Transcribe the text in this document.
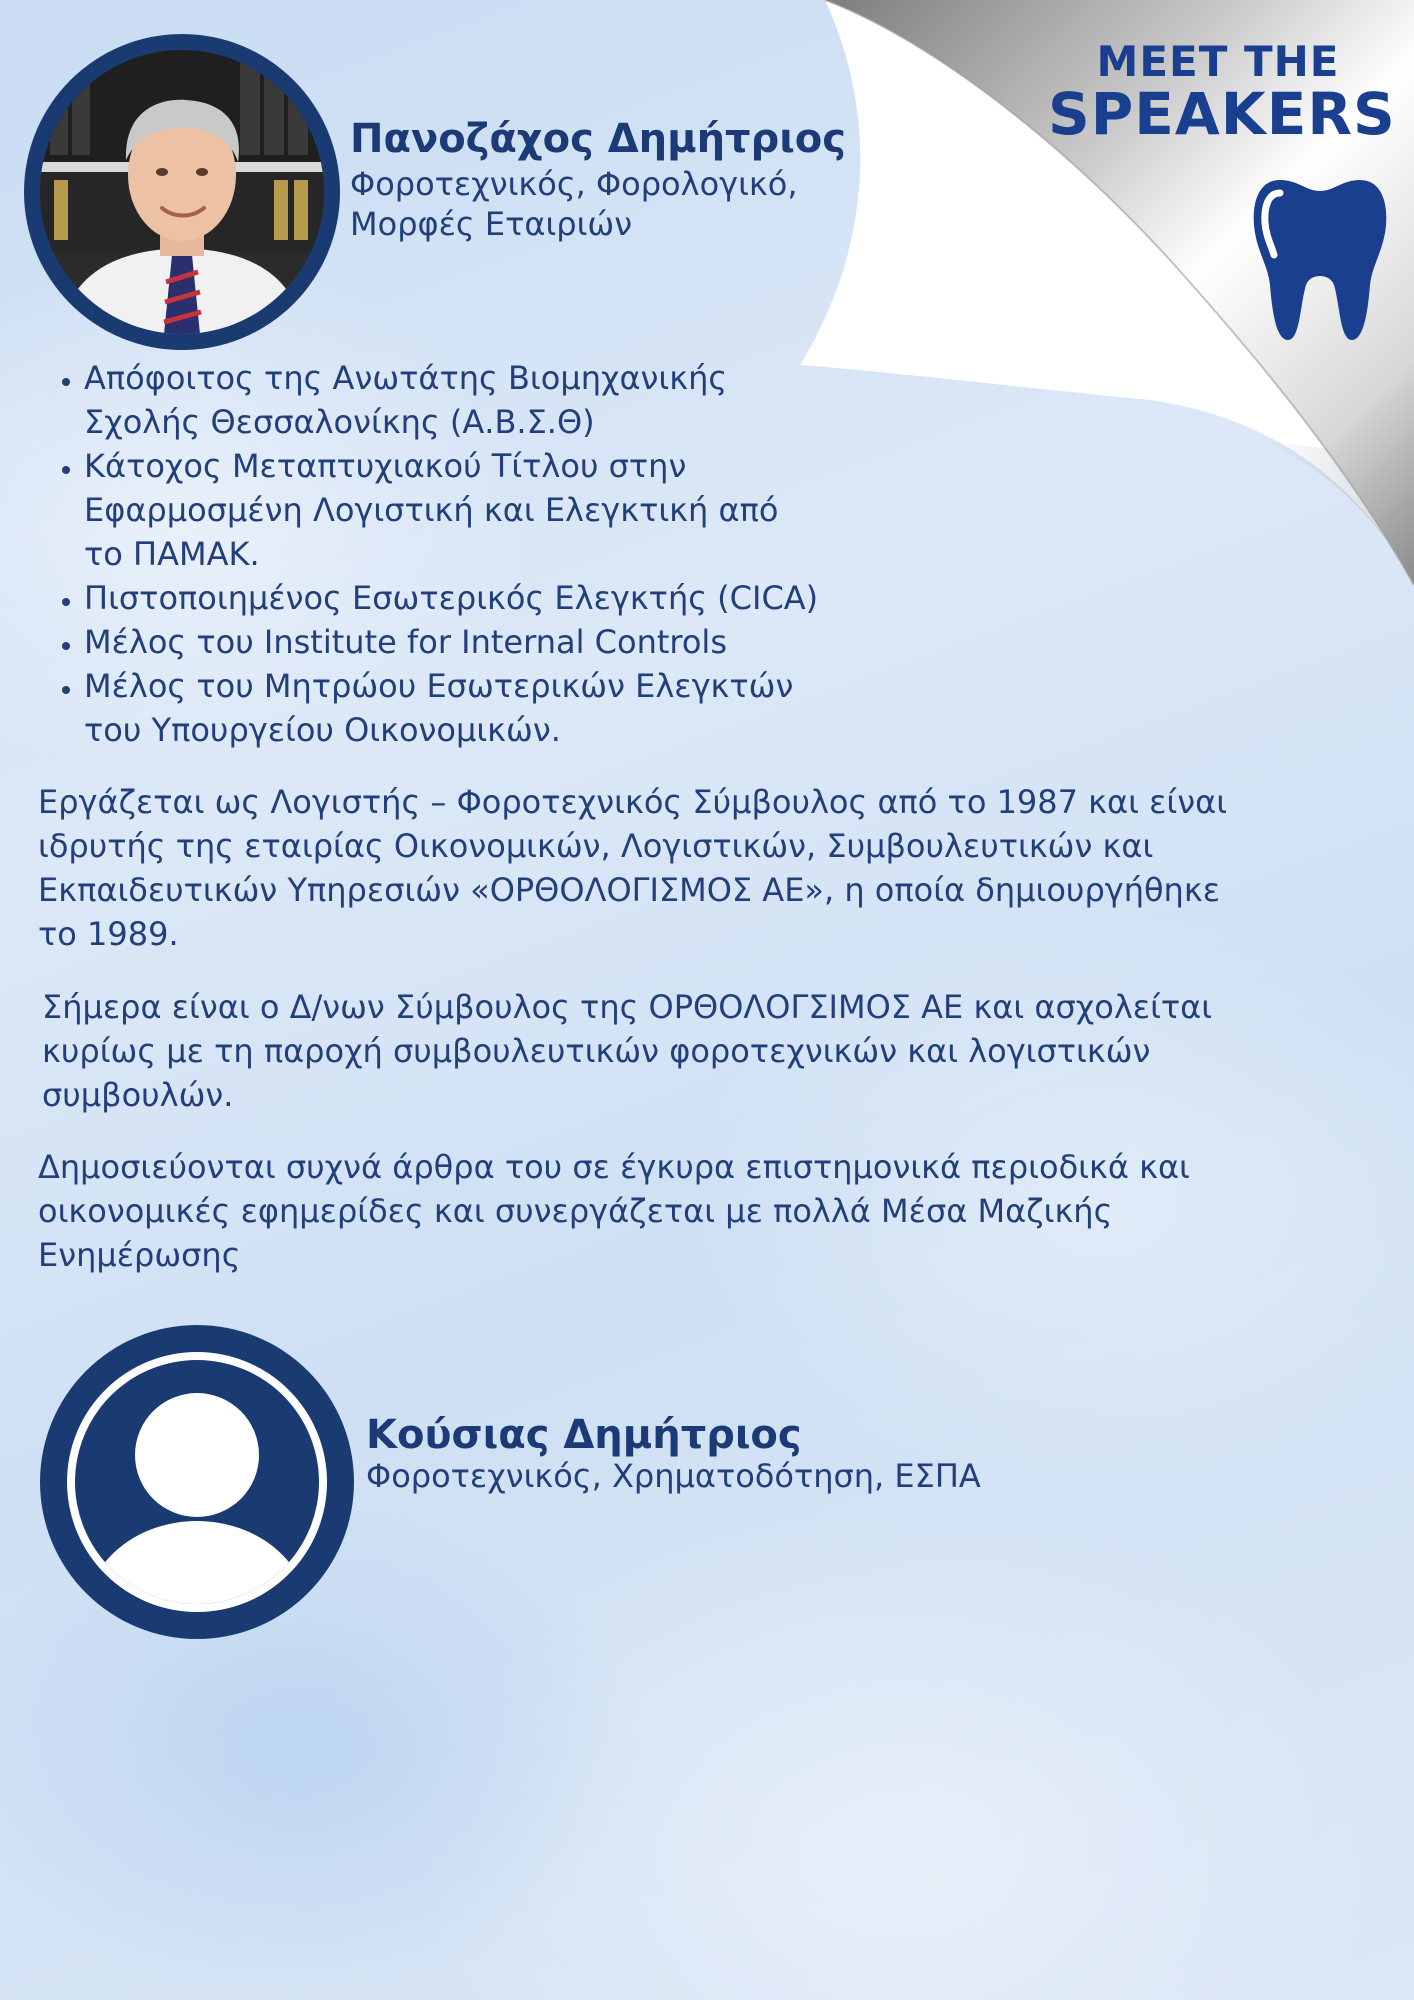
MEET THE
SPEAKERS
Πανοζάχος Δημήτριος
Φοροτεχνικός, Φορολογικό,
Μορφές Εταιριών
• Απόφοιτος της Ανωτάτης Βιομηχανικής
Σχολής Θεσσαλονίκης (Α.Β.Σ.Θ)
• Κάτοχος Μεταπτυχιακού Τίτλου στην
Εφαρμοσμένη Λογιστική και Ελεγκτική από
το ΠΑΜΑΚ.
• Πιστοποιημένος Εσωτερικός Ελεγκτής (CICA)
• Μέλος του Institute for Internal Controls
• Μέλος του Μητρώου Εσωτερικών Ελεγκτών
του Υπουργείου Οικονομικών.
Εργάζεται ως Λογιστής – Φοροτεχνικός Σύμβουλος από το 1987 και είναι
ιδρυτής της εταιρίας Οικονομικών, Λογιστικών, Συμβουλευτικών και
Εκπαιδευτικών Υπηρεσιών «ΟΡΘΟΛΟΓΙΣΜΟΣ ΑΕ», η οποία δημιουργήθηκε
το 1989.
Σήμερα είναι ο Δ/νων Σύμβουλος της ΟΡΘΟΛΟΓΣΙΜΟΣ ΑΕ και ασχολείται
κυρίως με τη παροχή συμβουλευτικών φοροτεχνικών και λογιστικών
συμβουλών.
Δημοσιεύονται συχνά άρθρα του σε έγκυρα επιστημονικά περιοδικά και
οικονομικές εφημερίδες και συνεργάζεται με πολλά Μέσα Μαζικής
Ενημέρωσης
Κούσιας Δημήτριος
Φοροτεχνικός, Χρηματοδότηση, ΕΣΠΑ
